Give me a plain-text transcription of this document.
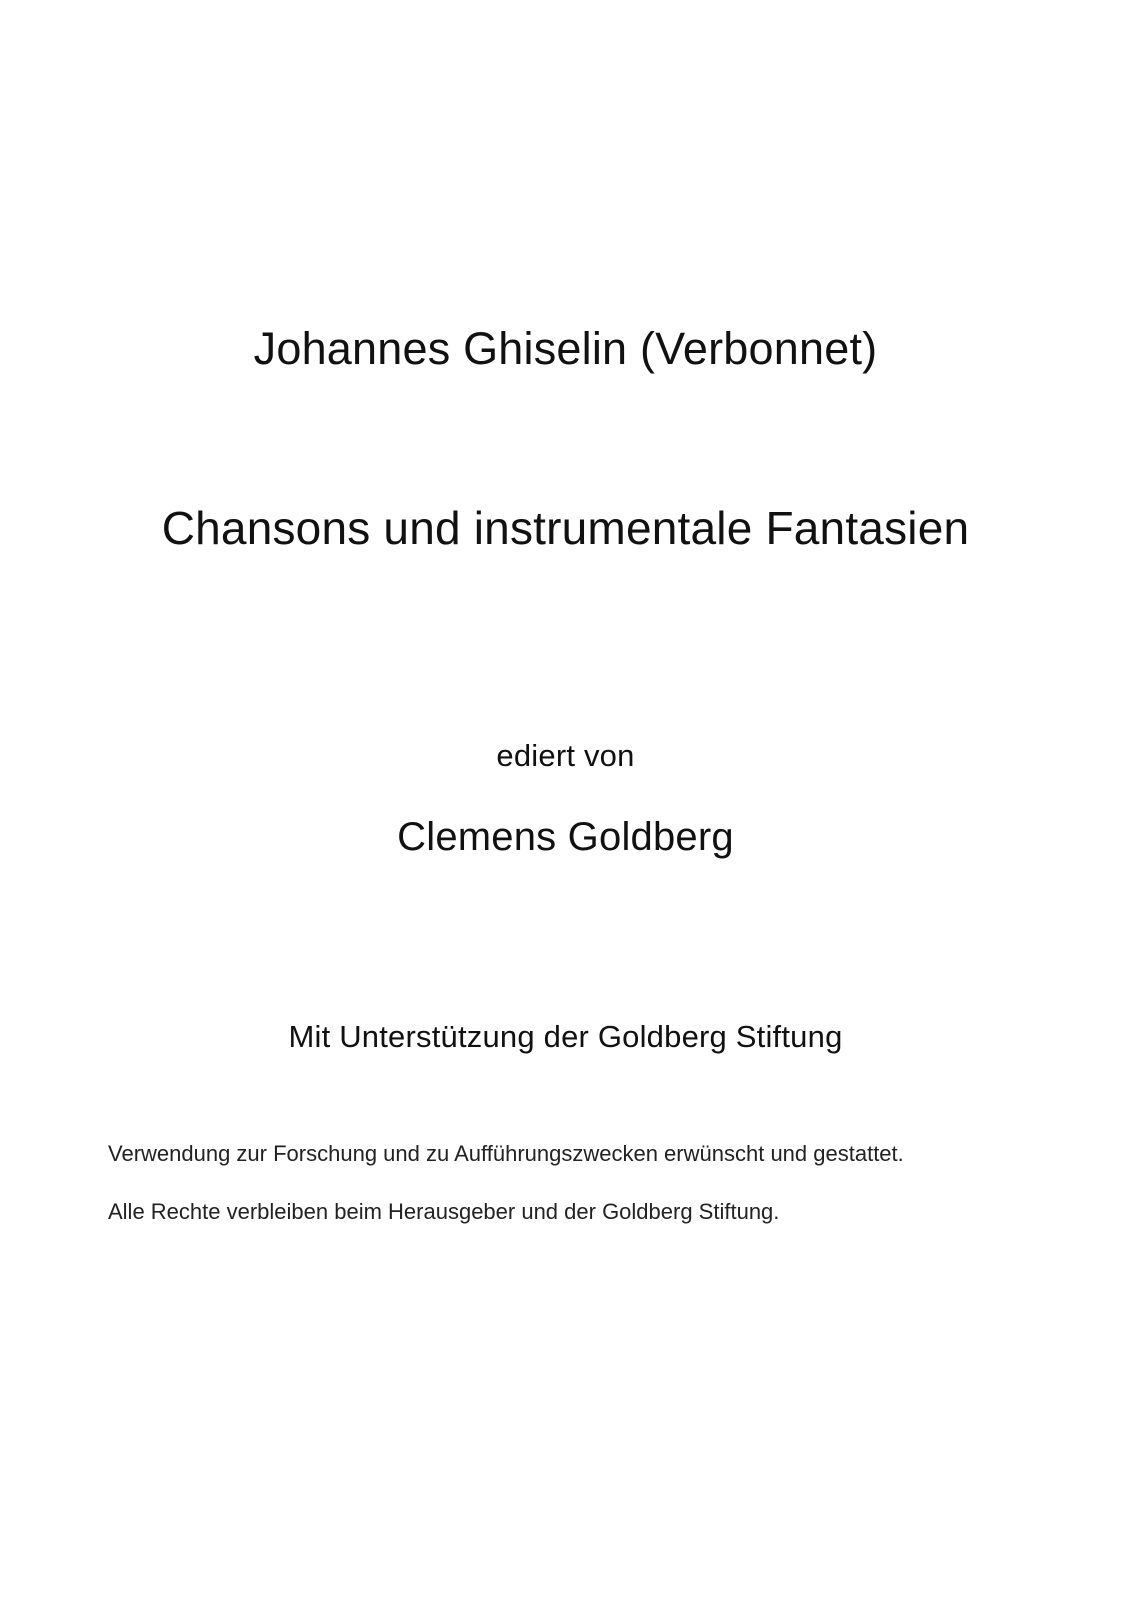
Johannes Ghiselin (Verbonnet)
Chansons und instrumentale Fantasien
ediert von
Clemens Goldberg
Mit Unterstützung der Goldberg Stiftung
Verwendung zur Forschung und zu Aufführungszwecken erwünscht und gestattet.
Alle Rechte verbleiben beim Herausgeber und der Goldberg Stiftung.
